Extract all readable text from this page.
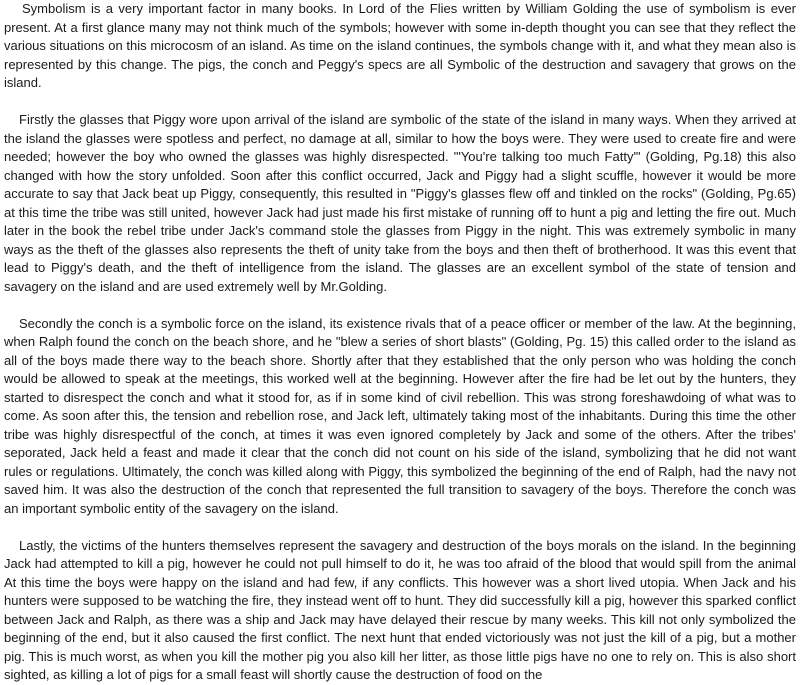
Symbolism is a very important factor in many books. In Lord of the Flies written by William Golding the use of symbolism is ever present. At a first glance many may not think much of the symbols; however with some in-depth thought you can see that they reflect the various situations on this microcosm of an island. As time on the island continues, the symbols change with it, and what they mean also is represented by this change. The pigs, the conch and Peggy's specs are all Symbolic of the destruction and savagery that grows on the island.

Firstly the glasses that Piggy wore upon arrival of the island are symbolic of the state of the island in many ways. When they arrived at the island the glasses were spotless and perfect, no damage at all, similar to how the boys were. They were used to create fire and were needed; however the boy who owned the glasses was highly disrespected. "'You're talking too much Fatty'" (Golding, Pg.18) this also changed with how the story unfolded. Soon after this conflict occurred, Jack and Piggy had a slight scuffle, however it would be more accurate to say that Jack beat up Piggy, consequently, this resulted in "Piggy's glasses flew off and tinkled on the rocks" (Golding, Pg.65) at this time the tribe was still united, however Jack had just made his first mistake of running off to hunt a pig and letting the fire out. Much later in the book the rebel tribe under Jack's command stole the glasses from Piggy in the night. This was extremely symbolic in many ways as the theft of the glasses also represents the theft of unity take from the boys and then theft of brotherhood. It was this event that lead to Piggy's death, and the theft of intelligence from the island. The glasses are an excellent symbol of the state of tension and savagery on the island and are used extremely well by Mr.Golding.

Secondly the conch is a symbolic force on the island, its existence rivals that of a peace officer or member of the law. At the beginning, when Ralph found the conch on the beach shore, and he "blew a series of short blasts" (Golding, Pg. 15) this called order to the island as all of the boys made there way to the beach shore. Shortly after that they established that the only person who was holding the conch would be allowed to speak at the meetings, this worked well at the beginning. However after the fire had be let out by the hunters, they started to disrespect the conch and what it stood for, as if in some kind of civil rebellion. This was strong foreshawdoing of what was to come. As soon after this, the tension and rebellion rose, and Jack left, ultimately taking most of the inhabitants. During this time the other tribe was highly disrespectful of the conch, at times it was even ignored completely by Jack and some of the others. After the tribes' seporated, Jack held a feast and made it clear that the conch did not count on his side of the island, symbolizing that he did not want rules or regulations. Ultimately, the conch was killed along with Piggy, this symbolized the beginning of the end of Ralph, had the navy not saved him. It was also the destruction of the conch that represented the full transition to savagery of the boys. Therefore the conch was an important symbolic entity of the savagery on the island.

Lastly, the victims of the hunters themselves represent the savagery and destruction of the boys morals on the island. In the beginning Jack had attempted to kill a pig, however he could not pull himself to do it, he was too afraid of the blood that would spill from the animal At this time the boys were happy on the island and had few, if any conflicts. This however was a short lived utopia. When Jack and his hunters were supposed to be watching the fire, they instead went off to hunt. They did successfully kill a pig, however this sparked conflict between Jack and Ralph, as there was a ship and Jack may have delayed their rescue by many weeks. This kill not only symbolized the beginning of the end, but it also caused the first conflict. The next hunt that ended victoriously was not just the kill of a pig, but a mother pig. This is much worst, as when you kill the mother pig you also kill her litter, as those little pigs have no one to rely on. This is also short sighted, as killing a lot of pigs for a small feast will shortly cause the destruction of food on the
